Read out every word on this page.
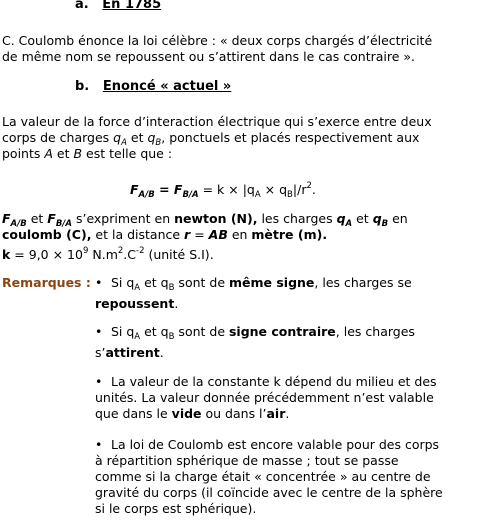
a. En 1785
C. Coulomb énonce la loi célèbre : « deux corps chargés d’électricité
de même nom se repoussent ou s’attirent dans le cas contraire ».
b. Enoncé « actuel »
La valeur de la force d’interaction électrique qui s’exerce entre deux
corps de charges $q_A$ et $q_B$, ponctuels et placés respectivement aux
points A et B est telle que :
$F_{A/B} = F_{B/A} = k \times |q_A \times q_B|/r^2$.
$F_{A/B}$ et $F_{B/A}$ s’expriment en newton (N), les charges $q_A$ et $q_B$ en
coulomb (C), et la distance r = AB en mètre (m).
$k = 9,0 \times 10^9$ $N.m^2.C^{-2}$ (unité S.I).
Remarques : • Si $q_A$ et $q_B$ sont de même signe, les charges se
repoussent.
• Si $q_A$ et $q_B$ sont de signe contraire, les charges
s’attirent.
• La valeur de la constante k dépend du milieu et des
unités. La valeur donnée précédemment n’est valable
que dans le vide ou dans l’air.
• La loi de Coulomb est encore valable pour des corps
à répartition sphérique de masse ; tout se passe
comme si la charge était « concentrée » au centre de
gravité du corps (il coïncide avec le centre de la sphère
si le corps est sphérique).
